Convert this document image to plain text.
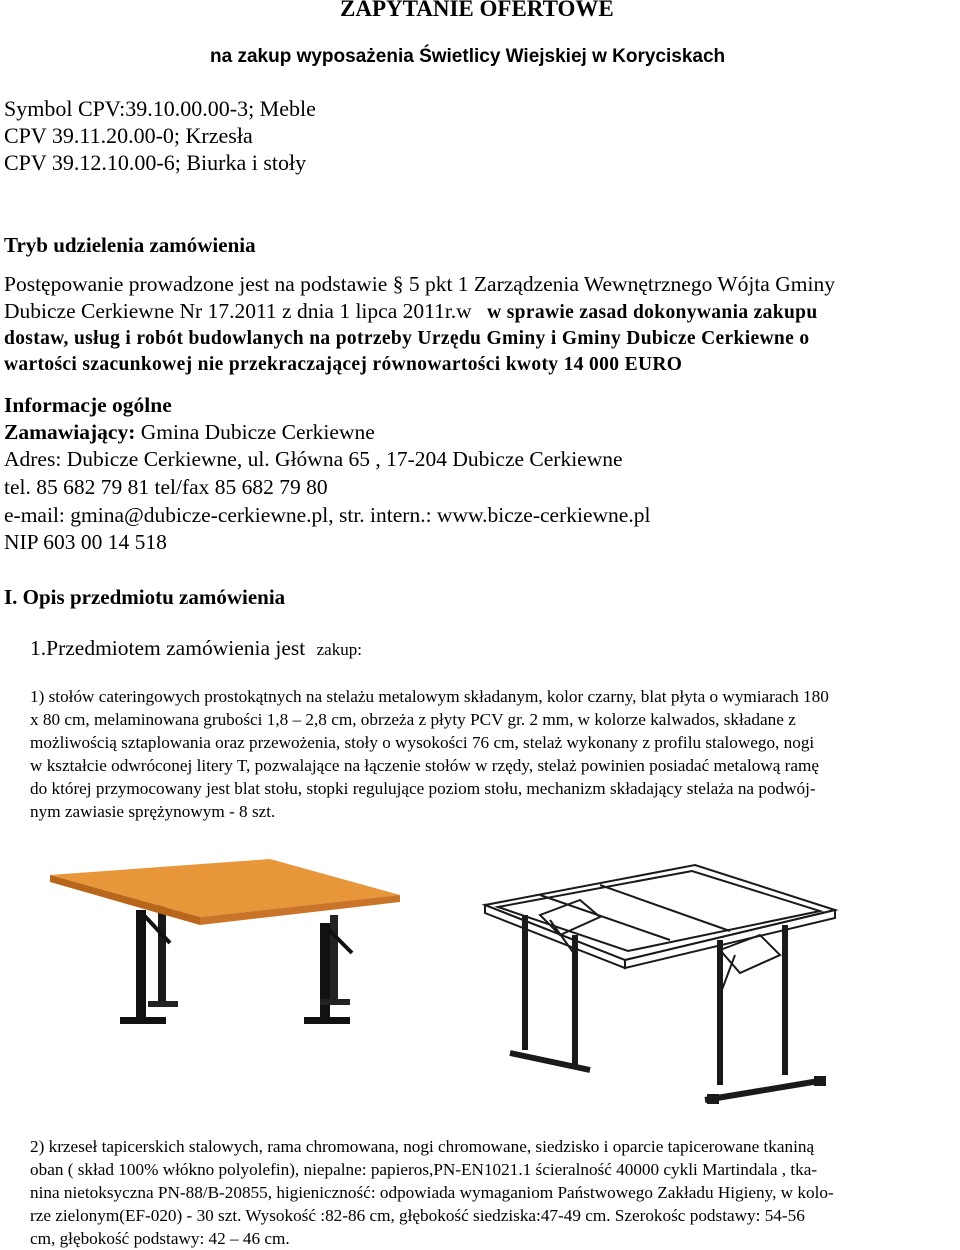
ZAPYTANIE OFERTOWE
na zakup wyposażenia Świetlicy Wiejskiej w Koryciskach
Symbol CPV:39.10.00.00-3; Meble
CPV 39.11.20.00-0; Krzesła
CPV 39.12.10.00-6; Biurka i stoły
Tryb udzielenia zamówienia
Postępowanie prowadzone jest na podstawie § 5 pkt 1 Zarządzenia Wewnętrznego Wójta Gminy
Dubicze Cerkiewne Nr 17.2011 z dnia 1 lipca 2011r.w w sprawie zasad dokonywania zakupu
dostaw, usług i robót budowlanych na potrzeby Urzędu Gminy i Gminy Dubicze Cerkiewne o
wartości szacunkowej nie przekraczającej równowartości kwoty 14 000 EURO
Informacje ogólne
Zamawiający: Gmina Dubicze Cerkiewne
Adres: Dubicze Cerkiewne, ul. Główna 65 , 17-204 Dubicze Cerkiewne
tel. 85 682 79 81 tel/fax 85 682 79 80
e-mail: gmina@dubicze-cerkiewne.pl, str. intern.: www.bicze-cerkiewne.pl
NIP 603 00 14 518
I. Opis przedmiotu zamówienia
1.Przedmiotem zamówienia jest zakup:
1) stołów cateringowych prostokątnych na stelażu metalowym składanym, kolor czarny, blat płyta o wymiarach 180
x 80 cm, melaminowana grubości 1,8 – 2,8 cm, obrzeża z płyty PCV gr. 2 mm, w kolorze kalwados, składane z
możliwością sztaplowania oraz przewożenia, stoły o wysokości 76 cm, stelaż wykonany z profilu stalowego, nogi
w kształcie odwróconej litery T, pozwalające na łączenie stołów w rzędy, stelaż powinien posiadać metalową ramę
do której przymocowany jest blat stołu, stopki regulujące poziom stołu, mechanizm składający stelaża na podwój-
nym zawiasie sprężynowym - 8 szt.
2) krzeseł tapicerskich stalowych, rama chromowana, nogi chromowane, siedzisko i oparcie tapicerowane tkaniną
oban ( skład 100% włókno polyolefin), niepalne: papieros,PN-EN1021.1 ścieralność 40000 cykli Martindala , tka-
nina nietoksyczna PN-88/B-20855, higieniczność: odpowiada wymaganiom Państwowego Zakładu Higieny, w kolo-
rze zielonym(EF-020) - 30 szt. Wysokość :82-86 cm, głębokość siedziska:47-49 cm. Szerokośc podstawy: 54-56
cm, głębokość podstawy: 42 – 46 cm.
